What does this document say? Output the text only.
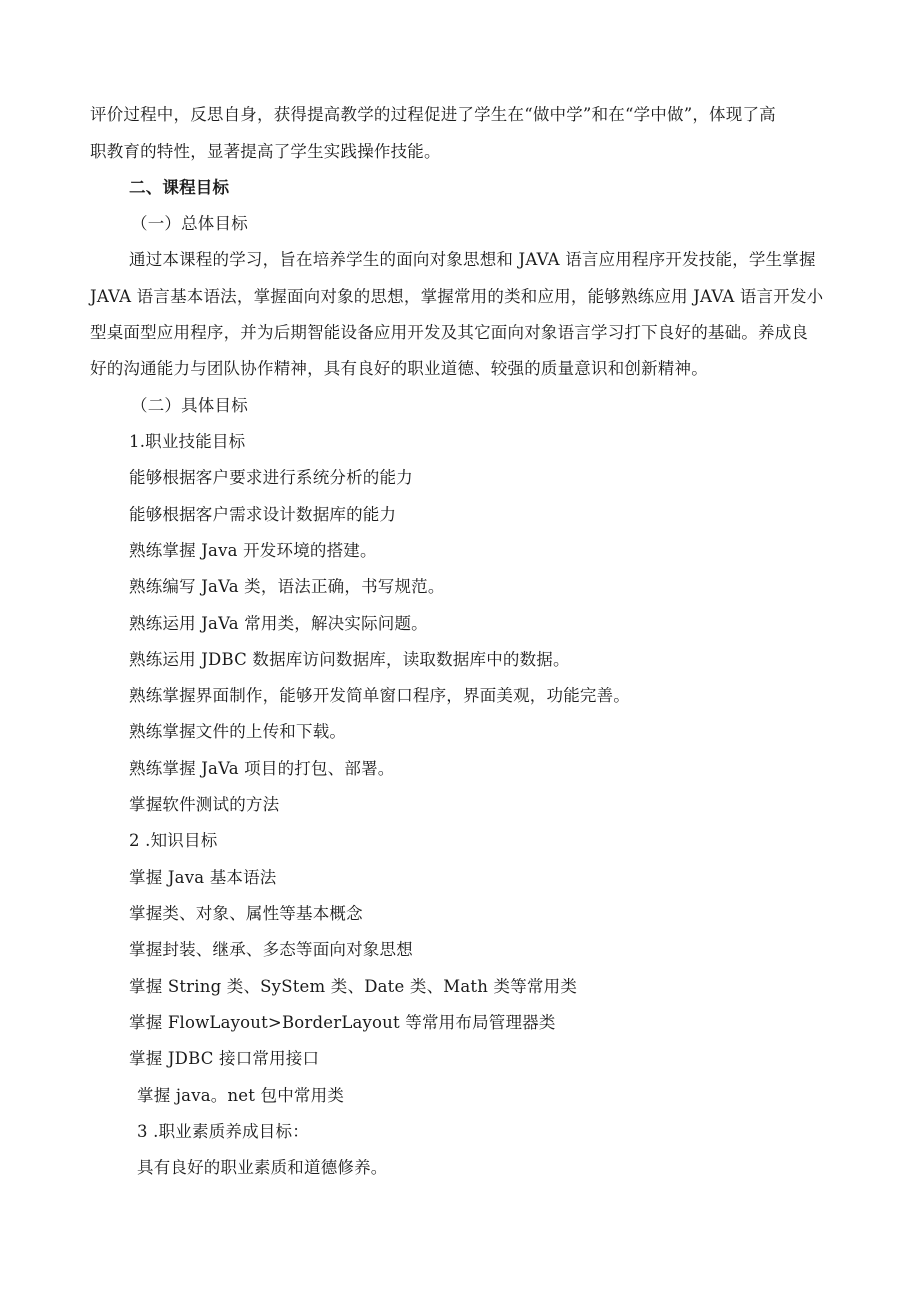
评价过程中，反思自身，获得提高教学的过程促进了学生在“做中学”和在“学中做”，体现了高
职教育的特性，显著提高了学生实践操作技能。
二、课程目标
（一）总体目标
通过本课程的学习，旨在培养学生的面向对象思想和 JAVA 语言应用程序开发技能，学生掌握
JAVA 语言基本语法，掌握面向对象的思想，掌握常用的类和应用，能够熟练应用 JAVA 语言开发小
型桌面型应用程序，并为后期智能设备应用开发及其它面向对象语言学习打下良好的基础。养成良
好的沟通能力与团队协作精神，具有良好的职业道德、较强的质量意识和创新精神。
（二）具体目标
1.职业技能目标
能够根据客户要求进行系统分析的能力
能够根据客户需求设计数据库的能力
熟练掌握 Java 开发环境的搭建。
熟练编写 JaVa 类，语法正确，书写规范。
熟练运用 JaVa 常用类，解决实际问题。
熟练运用 JDBC 数据库访问数据库，读取数据库中的数据。
熟练掌握界面制作，能够开发简单窗口程序，界面美观，功能完善。
熟练掌握文件的上传和下载。
熟练掌握 JaVa 项目的打包、部署。
掌握软件测试的方法
2 .知识目标
掌握 Java 基本语法
掌握类、对象、属性等基本概念
掌握封装、继承、多态等面向对象思想
掌握 String 类、SyStem 类、Date 类、Math 类等常用类
掌握 FlowLayout>BorderLayout 等常用布局管理器类
掌握 JDBC 接口常用接口
掌握 java。net 包中常用类
3 .职业素质养成目标：
具有良好的职业素质和道德修养。
